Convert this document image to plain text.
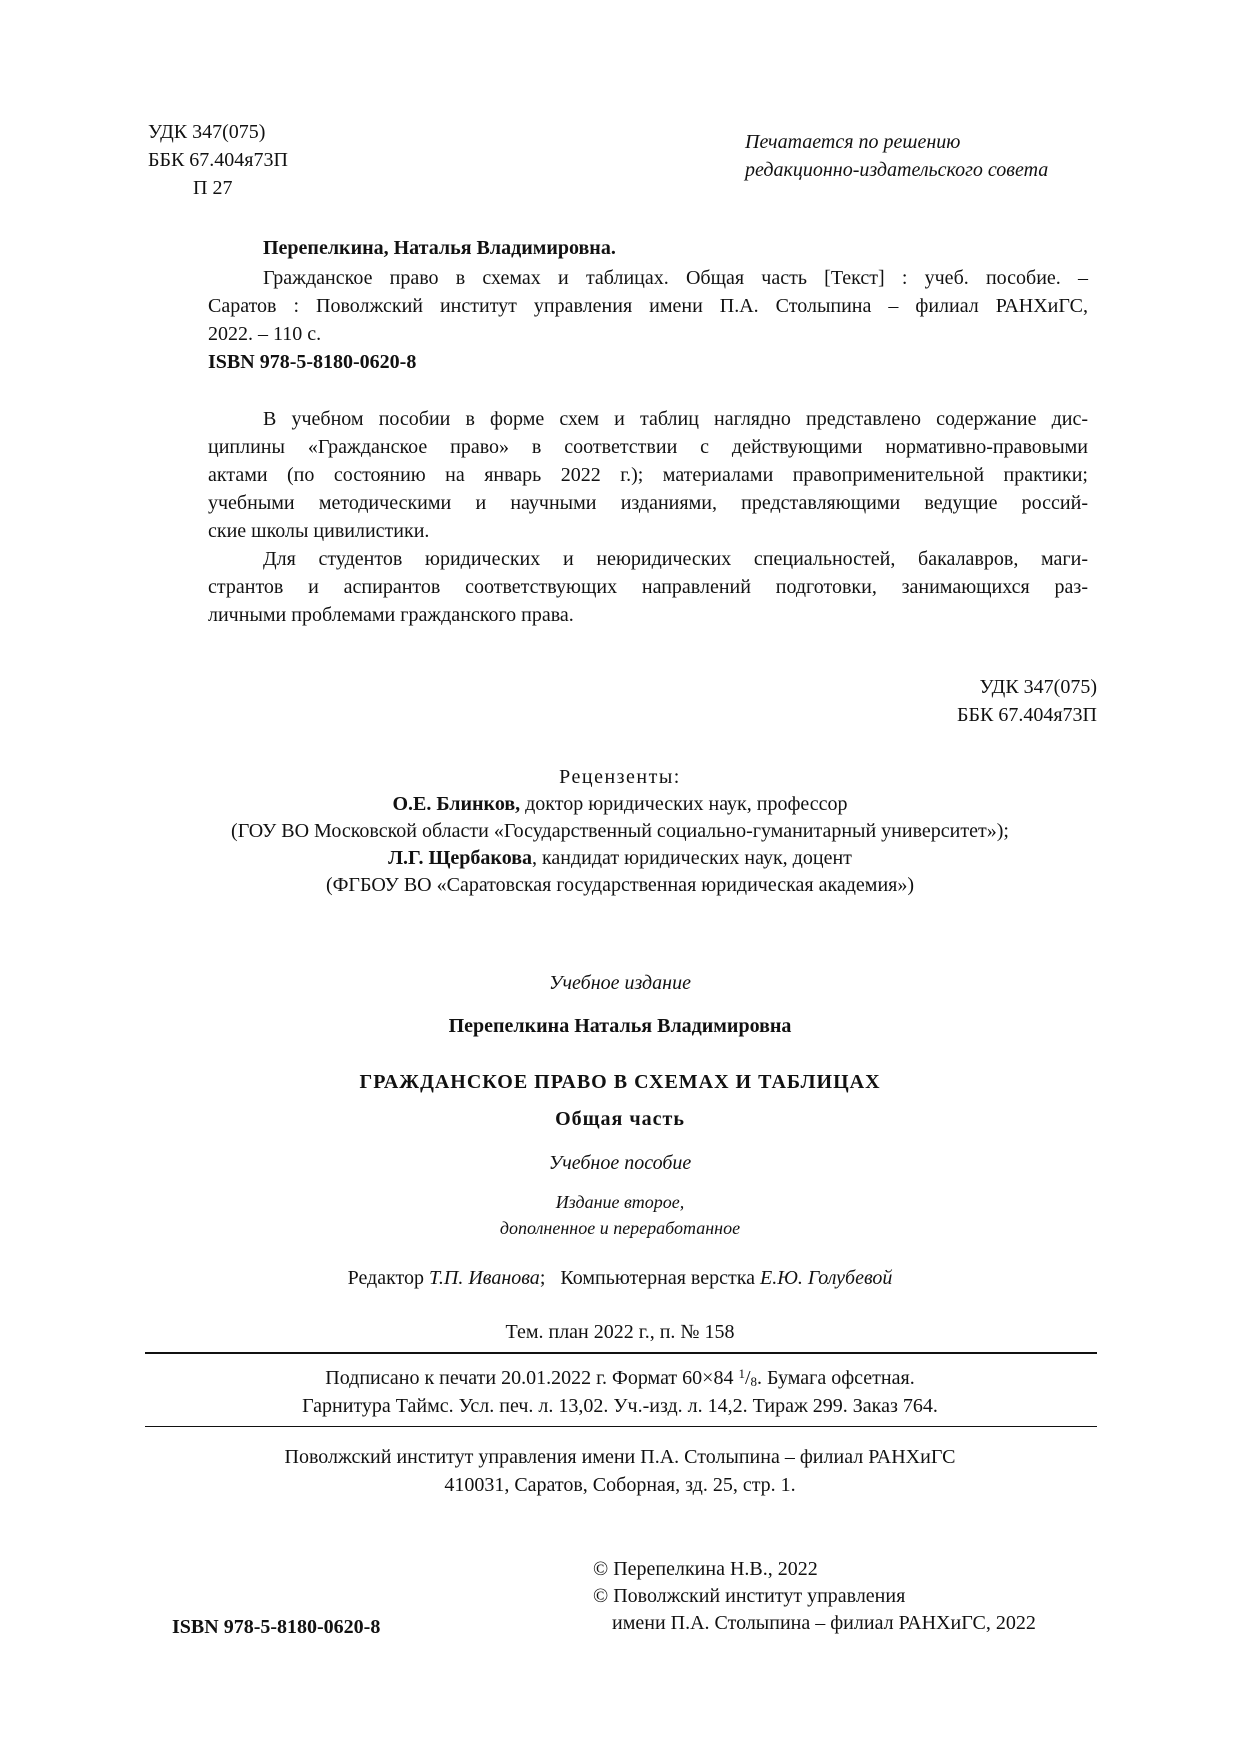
УДК 347(075)
ББК 67.404я73П
П 27
Печатается по решению
редакционно-издательского совета
Перепелкина, Наталья Владимировна.
Гражданское право в схемах и таблицах. Общая часть [Текст] : учеб. пособие. –
Саратов : Поволжский институт управления имени П.А. Столыпина – филиал РАНХиГС,
2022. – 110 с.
ISBN 978-5-8180-0620-8
В учебном пособии в форме схем и таблиц наглядно представлено содержание дис-
циплины «Гражданское право» в соответствии с действующими нормативно-правовыми
актами (по состоянию на январь 2022 г.); материалами правоприменительной практики;
учебными методическими и научными изданиями, представляющими ведущие россий-
ские школы цивилистики.
Для студентов юридических и неюридических специальностей, бакалавров, маги-
странтов и аспирантов соответствующих направлений подготовки, занимающихся раз-
личными проблемами гражданского права.
УДК 347(075)
ББК 67.404я73П
Рецензенты:
О.Е. Блинков, доктор юридических наук, профессор
(ГОУ ВО Московской области «Государственный социально-гуманитарный университет»);
Л.Г. Щербакова, кандидат юридических наук, доцент
(ФГБОУ ВО «Саратовская государственная юридическая академия»)
Учебное издание
Перепелкина Наталья Владимировна
ГРАЖДАНСКОЕ ПРАВО В СХЕМАХ И ТАБЛИЦАХ
Общая часть
Учебное пособие
Издание второе,
дополненное и переработанное
Редактор Т.П. Иванова; Компьютерная верстка Е.Ю. Голубевой
Тем. план 2022 г., п. № 158
Подписано к печати 20.01.2022 г. Формат 60×84 $^1/_8$. Бумага офсетная.
Гарнитура Таймс. Усл. печ. л. 13,02. Уч.-изд. л. 14,2. Тираж 299. Заказ 764.
Поволжский институт управления имени П.А. Столыпина – филиал РАНХиГС
410031, Саратов, Соборная, зд. 25, стр. 1.
ISBN 978-5-8180-0620-8
© Перепелкина Н.В., 2022
© Поволжский институт управления
имени П.А. Столыпина – филиал РАНХиГС, 2022
